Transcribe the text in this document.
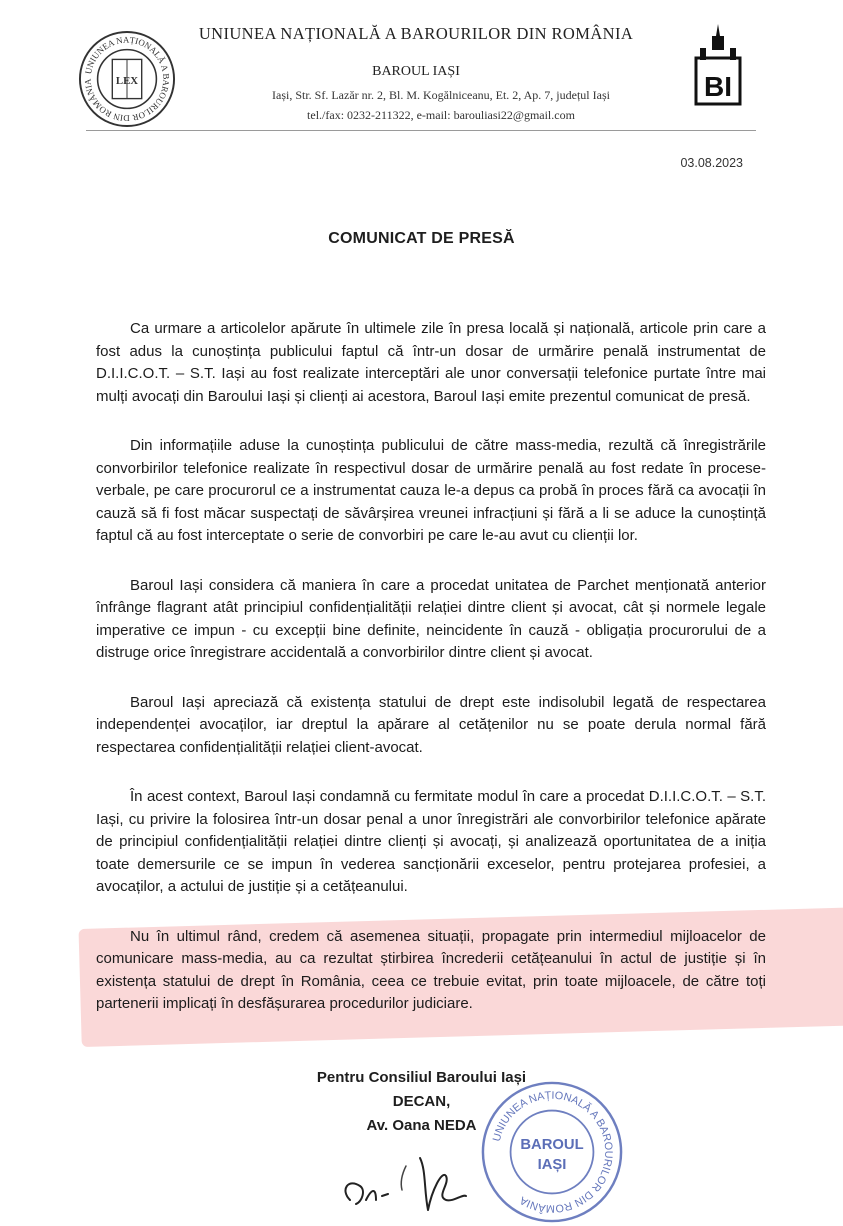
UNIUNEA NAȚIONALĂ A BAROURILOR DIN ROMÂNIA	LEX
UNIUNEA NAȚIONALĂ A BAROURILOR DIN ROMÂNIA
BAROUL IAȘI
Iași, Str. Sf. Lazăr nr. 2, Bl. M. Kogălniceanu, Et. 2, Ap. 7, județul Iași
tel./fax: 0232-211322, e-mail: barouliasi22@gmail.com
BI
03.08.2023
COMUNICAT DE PRESĂ

Ca urmare a articolelor apărute în ultimele zile în presa locală și națională, articole prin care a fost adus la cunoștința publicului faptul că într-un dosar de urmărire penală instrumentat de D.I.I.C.O.T. – S.T. Iași au fost realizate interceptări ale unor conversații telefonice purtate între mai mulți avocați din Baroului Iași și clienți ai acestora, Baroul Iași emite prezentul comunicat de presă.

Din informațiile aduse la cunoștința publicului de către mass-media, rezultă că înregistrările convorbirilor telefonice realizate în respectivul dosar de urmărire penală au fost redate în procese-verbale, pe care procurorul ce a instrumentat cauza le-a depus ca probă în proces fără ca avocații în cauză să fi fost măcar suspectați de săvârșirea vreunei infracțiuni și fără a li se aduce la cunoștință faptul că au fost interceptate o serie de convorbiri pe care le-au avut cu clienții lor.

Baroul Iași considera că maniera în care a procedat unitatea de Parchet menționată anterior înfrânge flagrant atât principiul confidențialității relației dintre client și avocat, cât și normele legale imperative ce impun - cu excepții bine definite, neincidente în cauză - obligația procurorului de a distruge orice înregistrare accidentală a convorbirilor dintre client și avocat.

Baroul Iași apreciază că existența statului de drept este indisolubil legată de respectarea independenței avocaților, iar dreptul la apărare al cetățenilor nu se poate derula normal fără respectarea confidențialității relației client-avocat.

În acest context, Baroul Iași condamnă cu fermitate modul în care a procedat D.I.I.C.O.T. – S.T. Iași, cu privire la folosirea într-un dosar penal a unor înregistrări ale convorbirilor telefonice apărate de principiul confidențialității relației dintre clienți și avocați, și analizează oportunitatea de a iniția toate demersurile ce se impun în vederea sancționării exceselor, pentru protejarea profesiei, a avocaților, a actului de justiție și a cetățeanului.

Nu în ultimul rând, credem că asemenea situații, propagate prin intermediul mijloacelor de comunicare mass-media, au ca rezultat știrbirea încrederii cetățeanului în actul de justiție și în existența statului de drept în România, ceea ce trebuie evitat, prin toate mijloacele, de către toți partenerii implicați în desfășurarea procedurilor judiciare.

Pentru Consiliul Baroului Iași
DECAN,
Av. Oana NEDA
UNIUNEA NAȚIONALĂ A BAROURILOR DIN ROMÂNIA
BAROUL
IAȘI
